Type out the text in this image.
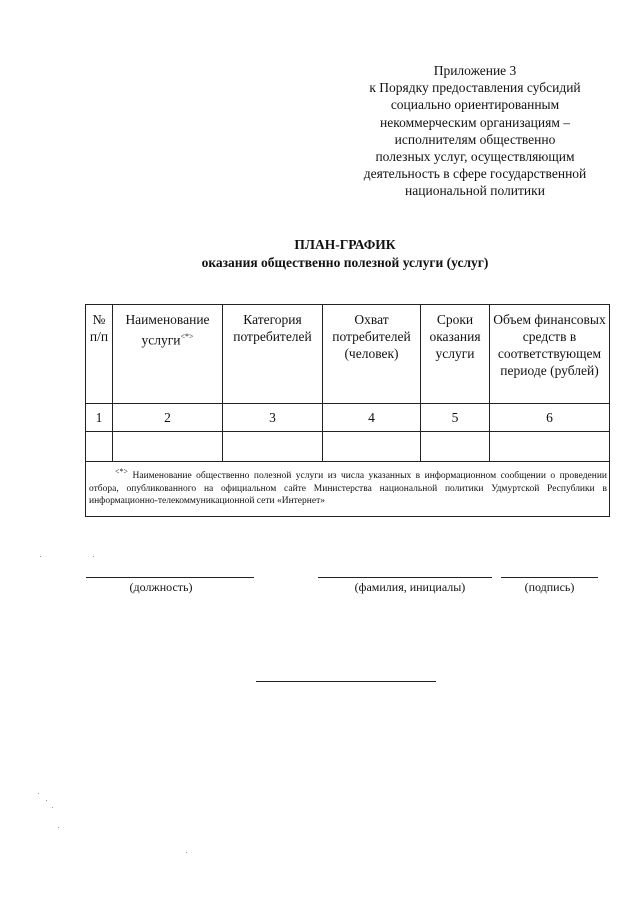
Приложение 3
к Порядку предоставления субсидий
социально ориентированным
некоммерческим организациям –
исполнителям общественно
полезных услуг, осуществляющим
деятельность в сфере государственной
национальной политики
ПЛАН-ГРАФИК
оказания общественно полезной услуги (услуг)
№ п/п	Наименование услуги<*>	Категория потребителей	Охват потребителей (человек)	Сроки оказания услуги	Объем финансовых средств в соответствующем периоде (рублей)
1	2	3	4	5	6

<*> Наименование общественно полезной услуги из числа указанных в информационном сообщении о проведении отбора, опубликованного на официальном сайте Министерства национальной политики Удмуртской Республики в информационно-телекоммуникационной сети «Интернет»					
(должность)	(фамилия, инициалы)	(подпись)
